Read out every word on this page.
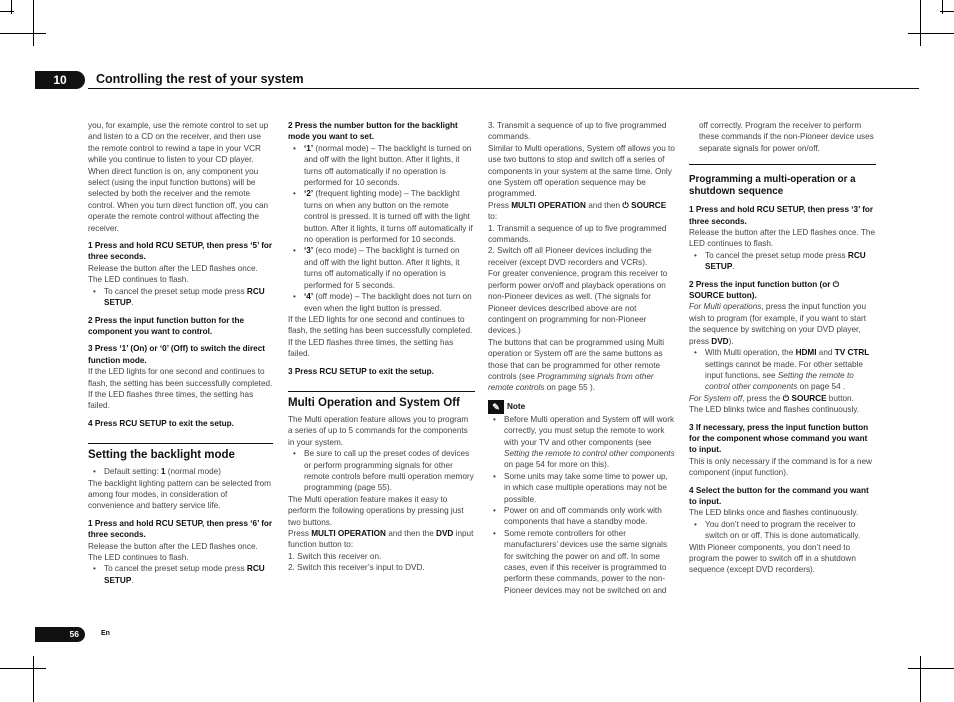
10	Controlling the rest of your system

you, for example, use the remote control to set up and listen to a CD on the receiver, and then use the remote control to rewind a tape in your VCR while you continue to listen to your CD player.

When direct function is on, any component you select (using the input function buttons) will be selected by both the receiver and the remote control. When you turn direct function off, you can operate the remote control without affecting the receiver.

1 Press and hold RCU SETUP, then press ‘5’ for three seconds.

Release the button after the LED flashes once. The LED continues to flash.

• To cancel the preset setup mode press RCU SETUP.

2 Press the input function button for the component you want to control.

3 Press ‘1’ (On) or ‘0’ (Off) to switch the direct function mode.

If the LED lights for one second and continues to flash, the setting has been successfully completed.

If the LED flashes three times, the setting has failed.

4 Press RCU SETUP to exit the setup.

Setting the backlight mode

• Default setting: 1 (normal mode)

The backlight lighting pattern can be selected from among four modes, in consideration of convenience and battery service life.

1 Press and hold RCU SETUP, then press ‘6’ for three seconds.

Release the button after the LED flashes once. The LED continues to flash.

• To cancel the preset setup mode press RCU SETUP.

2 Press the number button for the backlight mode you want to set.

• ‘1’ (normal mode) – The backlight is turned on and off with the light button. After it lights, it turns off automatically if no operation is performed for 10 seconds.

• ‘2’ (frequent lighting mode) – The backlight turns on when any button on the remote control is pressed. It is turned off with the light button. After it lights, it turns off automatically if no operation is performed for 10 seconds.

• ‘3’ (eco mode) – The backlight is turned on and off with the light button. After it lights, it turns off automatically if no operation is performed for 5 seconds.

• ‘4’ (off mode) – The backlight does not turn on even when the light button is pressed.

If the LED lights for one second and continues to flash, the setting has been successfully completed.

If the LED flashes three times, the setting has failed.

3 Press RCU SETUP to exit the setup.

Multi Operation and System Off

The Multi operation feature allows you to program a series of up to 5 commands for the components in your system.

• Be sure to call up the preset codes of devices or perform programming signals for other remote controls before multi operation memory programming (page 55).

The Multi operation feature makes it easy to perform the following operations by pressing just two buttons.

Press MULTI OPERATION and then the DVD input function button to:

1. Switch this receiver on.

2. Switch this receiver’s input to DVD.

3. Transmit a sequence of up to five programmed commands.

Similar to Multi operations, System off allows you to use two buttons to stop and switch off a series of components in your system at the same time. Only one System off operation sequence may be programmed.

Press MULTI OPERATION and then ⏻ SOURCE to:

1. Transmit a sequence of up to five programmed commands.

2. Switch off all Pioneer devices including the receiver (except DVD recorders and VCRs).

For greater convenience, program this receiver to perform power on/off and playback operations on non-Pioneer devices as well. (The signals for Pioneer devices described above are not contingent on programming for non-Pioneer devices.)

The buttons that can be programmed using Multi operation or System off are the same buttons as those that can be programmed for other remote controls (see Programming signals from other remote controls on page 55 ).

✎ Note

• Before Multi operation and System off will work correctly, you must setup the remote to work with your TV and other components (see Setting the remote to control other components on page 54 for more on this).

• Some units may take some time to power up, in which case multiple operations may not be possible.

• Power on and off commands only work with components that have a standby mode.

• Some remote controllers for other manufacturers’ devices use the same signals for switching the power on and off. In some cases, even if this receiver is programmed to perform these commands, power to the non-Pioneer devices may not be switched on and

off correctly. Program the receiver to perform these commands if the non-Pioneer device uses separate signals for power on/off.

Programming a multi-operation or a shutdown sequence

1 Press and hold RCU SETUP, then press ‘3’ for three seconds.

Release the button after the LED flashes once. The LED continues to flash.

• To cancel the preset setup mode press RCU SETUP.

2 Press the input function button (or ⏻ SOURCE button).

For Multi operations, press the input function you wish to program (for example, if you want to start the sequence by switching on your DVD player, press DVD).

• With Multi operation, the HDMI and TV CTRL settings cannot be made. For other settable input functions, see Setting the remote to control other components on page 54 .

For System off, press the ⏻ SOURCE button.

The LED blinks twice and flashes continuously.

3 If necessary, press the input function button for the component whose command you want to input.

This is only necessary if the command is for a new component (input function).

4 Select the button for the command you want to input.

The LED blinks once and flashes continuously.

• You don’t need to program the receiver to switch on or off. This is done automatically.

With Pioneer components, you don’t need to program the power to switch off in a shutdown sequence (except DVD recorders).

56	En
